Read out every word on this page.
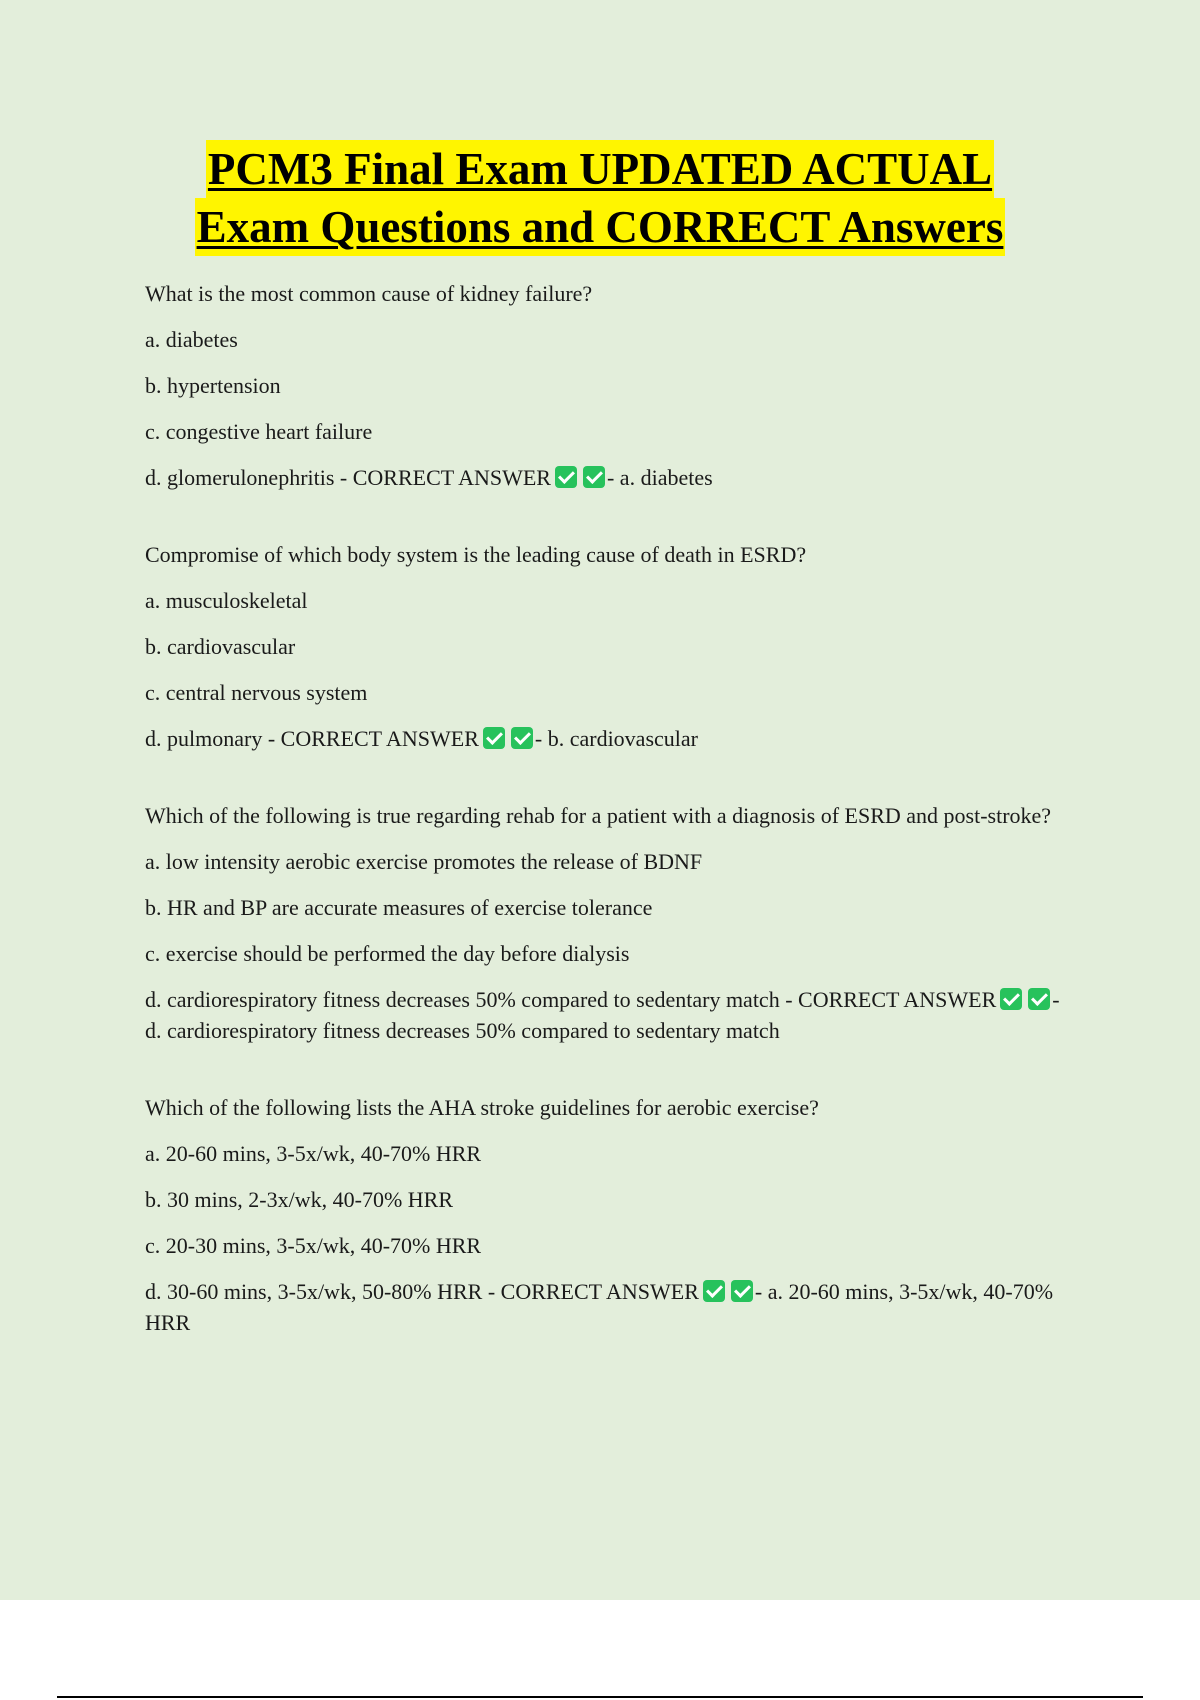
PCM3 Final Exam UPDATED ACTUAL
Exam Questions and CORRECT Answers

What is the most common cause of kidney failure?

a. diabetes

b. hypertension

c. congestive heart failure

d. glomerulonephritis - CORRECT ANSWER	- a. diabetes

Compromise of which body system is the leading cause of death in ESRD?

a. musculoskeletal

b. cardiovascular

c. central nervous system

d. pulmonary - CORRECT ANSWER	- b. cardiovascular

Which of the following is true regarding rehab for a patient with a diagnosis of ESRD and post-stroke?

a. low intensity aerobic exercise promotes the release of BDNF

b. HR and BP are accurate measures of exercise tolerance

c. exercise should be performed the day before dialysis

d. cardiorespiratory fitness decreases 50% compared to sedentary match - CORRECT ANSWER	- d. cardiorespiratory fitness decreases 50% compared to sedentary match

Which of the following lists the AHA stroke guidelines for aerobic exercise?

a. 20-60 mins, 3-5x/wk, 40-70% HRR

b. 30 mins, 2-3x/wk, 40-70% HRR

c. 20-30 mins, 3-5x/wk, 40-70% HRR

d. 30-60 mins, 3-5x/wk, 50-80% HRR - CORRECT ANSWER	- a. 20-60 mins, 3-5x/wk, 40-70% HRR
